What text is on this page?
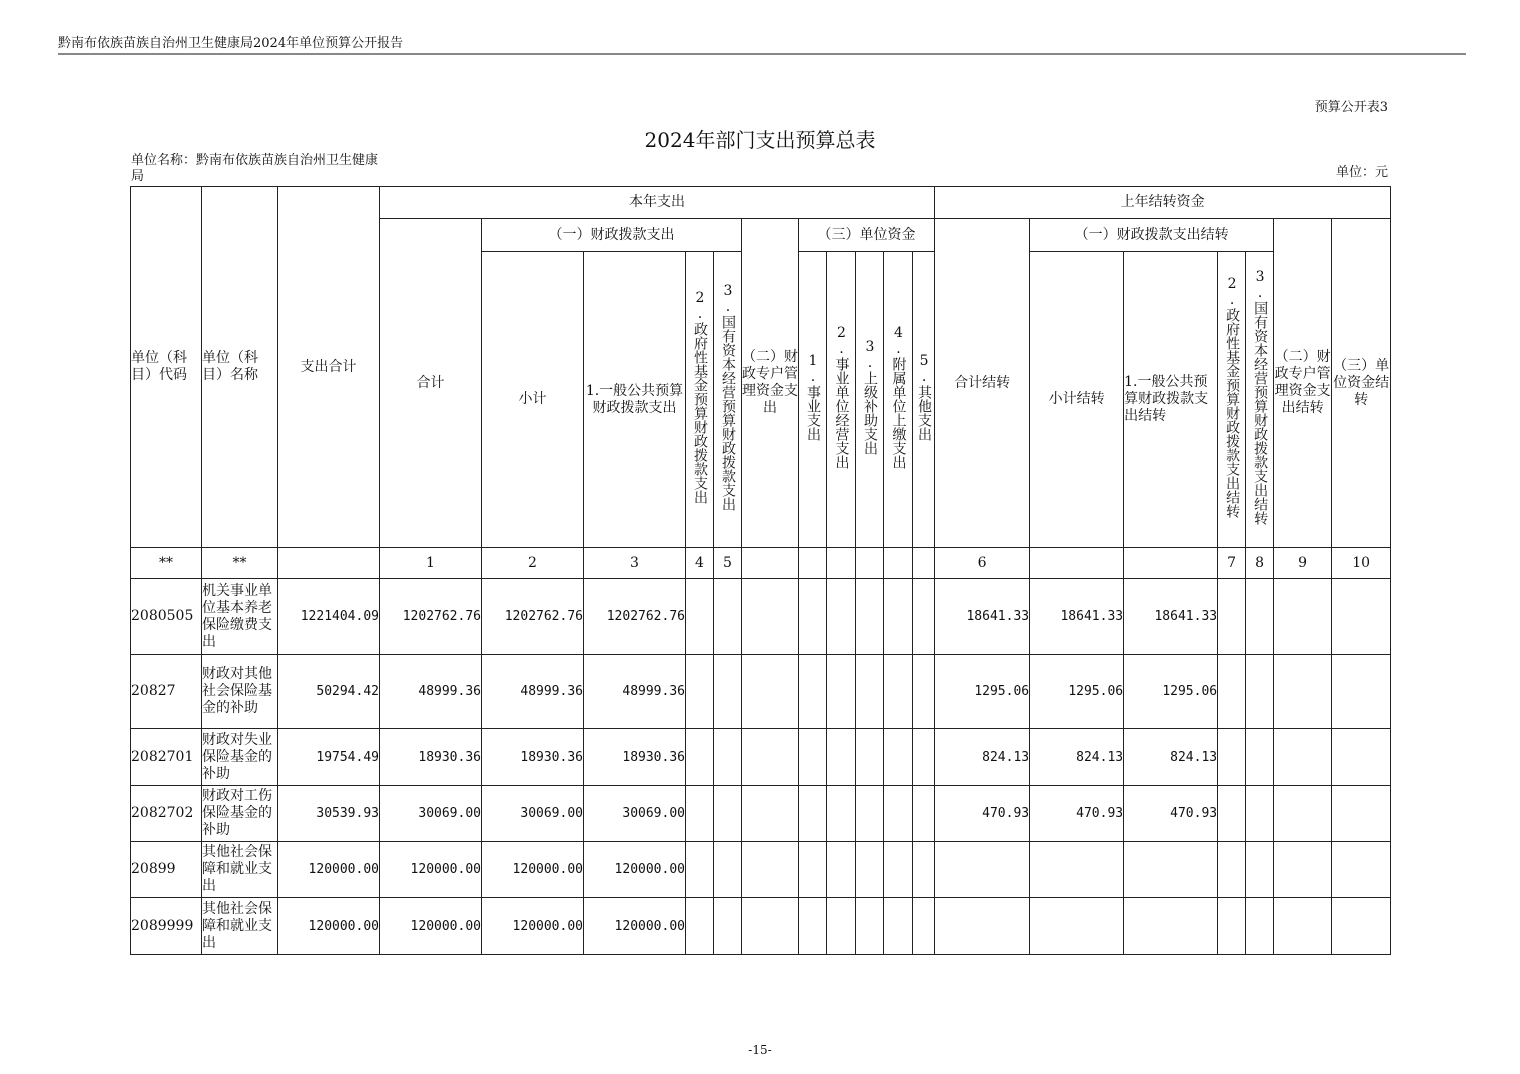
黔南布依族苗族自治州卫生健康局2024年单位预算公开报告
预算公开表3
2024年部门支出预算总表
单位名称：黔南布依族苗族自治州卫生健康局	单位：元
单位（科目）代码	单位（科目）名称	支出合计	本年支出											上年结转资金						
			合计	（一）财政拨款支出				（二）财政专户管理资金支出	（三）单位资金					合计结转	（一）财政拨款支出结转				（二）财政专户管理资金支出结转	（三）单位资金结转
				小计	1.一般公共预算财政拨款支出	2.政府性基金预算财政拨款支出	3.国有资本经营预算财政拨款支出		1.事业支出	2.事业单位经营支出	3.上级补助支出	4.附属单位上缴支出	5.其他支出		小计结转	1.一般公共预算财政拨款支出结转	2.政府性基金预算财政拨款支出结转	3.国有资本经营预算财政拨款支出结转		
**	**		1	2	3	4	5							6			7	8	9	10
2080505	机关事业单位基本养老保险缴费支出	1221404.09	1202762.76	1202762.76	1202762.76									18641.33	18641.33	18641.33				
20827	财政对其他社会保险基金的补助	50294.42	48999.36	48999.36	48999.36									1295.06	1295.06	1295.06				
2082701	财政对失业保险基金的补助	19754.49	18930.36	18930.36	18930.36									824.13	824.13	824.13				
2082702	财政对工伤保险基金的补助	30539.93	30069.00	30069.00	30069.00									470.93	470.93	470.93				
20899	其他社会保障和就业支出	120000.00	120000.00	120000.00	120000.00															
2089999	其他社会保障和就业支出	120000.00	120000.00	120000.00	120000.00															
-15-
